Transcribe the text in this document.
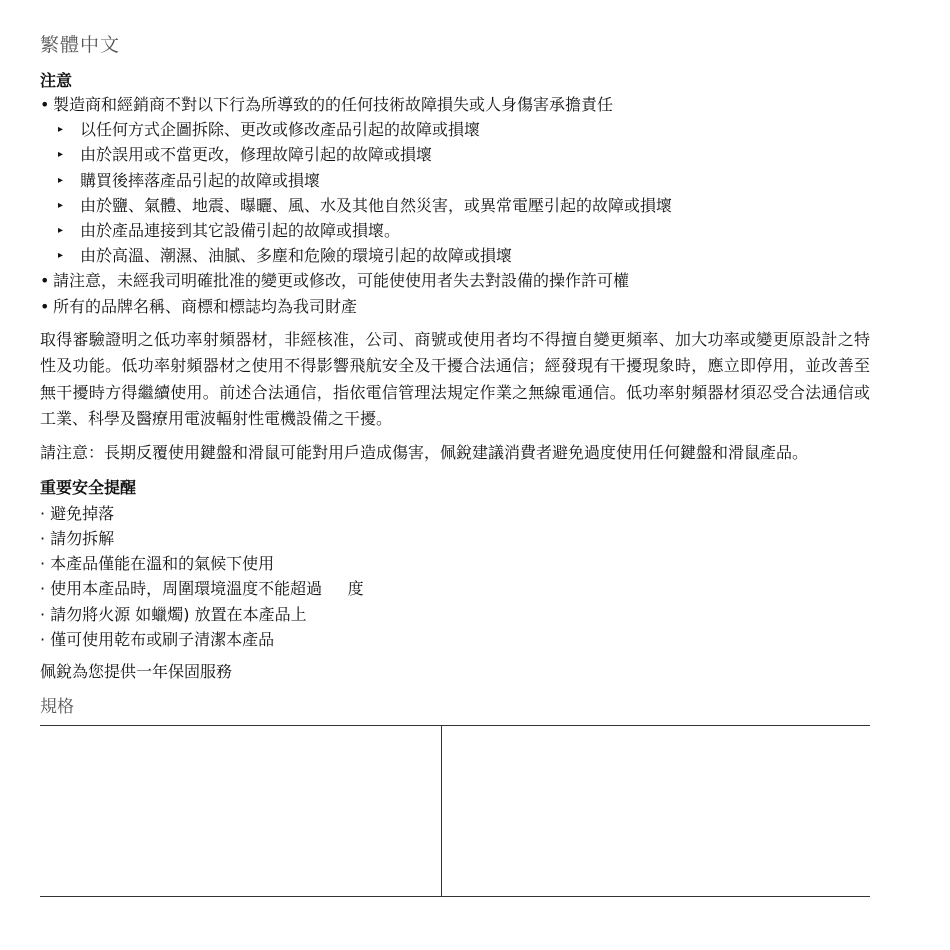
繁體中文
注意
• 製造商和經銷商不對以下行為所導致的的任何技術故障損失或人身傷害承擔責任
▸	以任何方式企圖拆除、更改或修改產品引起的故障或損壞
▸	由於誤用或不當更改，修理故障引起的故障或損壞
▸	購買後摔落產品引起的故障或損壞
▸	由於鹽、氣體、地震、曝曬、風、水及其他自然災害，或異常電壓引起的故障或損壞
▸	由於產品連接到其它設備引起的故障或損壞。
▸	由於高溫、潮濕、油膩、多塵和危險的環境引起的故障或損壞
• 請注意，未經我司明確批准的變更或修改，可能使使用者失去對設備的操作許可權
• 所有的品牌名稱、商標和標誌均為我司財產

取得審驗證明之低功率射頻器材，非經核准，公司、商號或使用者均不得擅自變更頻率、加大功率或變更原設計之特性及功能。低功率射頻器材之使用不得影響飛航安全及干擾合法通信；經發現有干擾現象時，應立即停用，並改善至無干擾時方得繼續使用。前述合法通信，指依電信管理法規定作業之無線電通信。低功率射頻器材須忍受合法通信或工業、科學及醫療用電波輻射性電機設備之干擾。

請注意：長期反覆使用鍵盤和滑鼠可能對用戶造成傷害，佩銳建議消費者避免過度使用任何鍵盤和滑鼠產品。

重要安全提醒
· 避免掉落
· 請勿拆解
· 本產品僅能在溫和的氣候下使用
· 使用本產品時，周圍環境溫度不能超過     度
· 請勿將火源 如蠟燭) 放置在本產品上
· 僅可使用乾布或刷子清潔本產品
佩銳為您提供一年保固服務
規格
